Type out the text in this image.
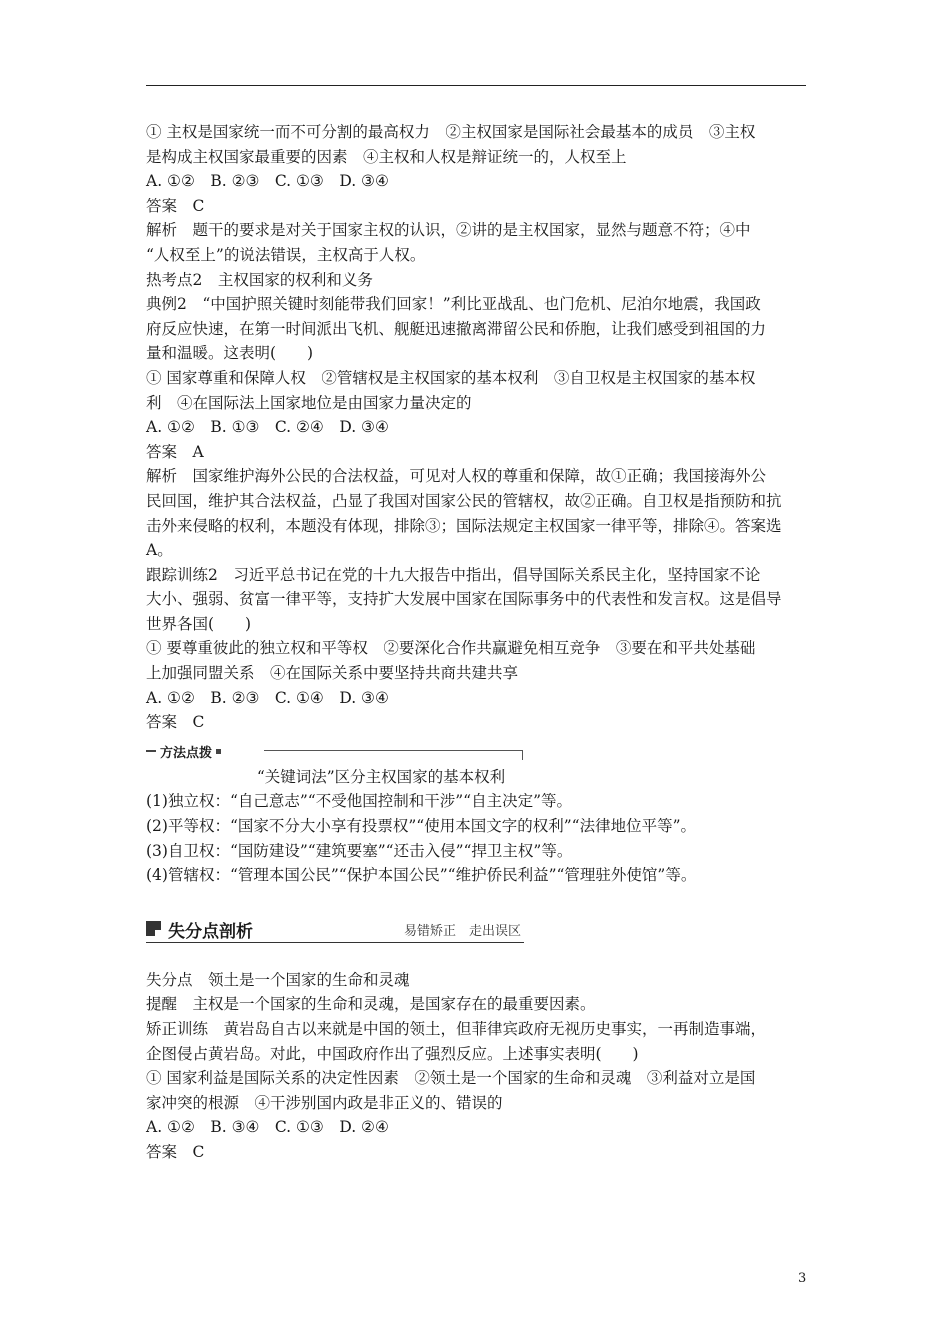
① 主权是国家统一而不可分割的最高权力　②主权国家是国际社会最基本的成员　③主权
是构成主权国家最重要的因素　④主权和人权是辩证统一的，人权至上
A. ①②　B. ②③　C. ①③　D. ③④
答案　C
解析　题干的要求是对关于国家主权的认识，②讲的是主权国家，显然与题意不符；④中
“人权至上”的说法错误，主权高于人权。
热考点2　主权国家的权利和义务
典例2　“中国护照关键时刻能带我们回家！”利比亚战乱、也门危机、尼泊尔地震，我国政
府反应快速，在第一时间派出飞机、舰艇迅速撤离滞留公民和侨胞，让我们感受到祖国的力
量和温暖。这表明(　　)
① 国家尊重和保障人权　②管辖权是主权国家的基本权利　③自卫权是主权国家的基本权
利　④在国际法上国家地位是由国家力量决定的
A. ①②　B. ①③　C. ②④　D. ③④
答案　A
解析　国家维护海外公民的合法权益，可见对人权的尊重和保障，故①正确；我国接海外公
民回国，维护其合法权益，凸显了我国对国家公民的管辖权，故②正确。自卫权是指预防和抗
击外来侵略的权利，本题没有体现，排除③；国际法规定主权国家一律平等，排除④。答案选
A。
跟踪训练2　习近平总书记在党的十九大报告中指出，倡导国际关系民主化，坚持国家不论
大小、强弱、贫富一律平等，支持扩大发展中国家在国际事务中的代表性和发言权。这是倡导
世界各国(　　)
① 要尊重彼此的独立权和平等权　②要深化合作共赢避免相互竞争　③要在和平共处基础
上加强同盟关系　④在国际关系中要坚持共商共建共享
A. ①②　B. ②③　C. ①④　D. ③④
答案　C
方法点拨
“关键词法”区分主权国家的基本权利
(1)独立权：“自己意志”“不受他国控制和干涉”“自主决定”等。
(2)平等权：“国家不分大小享有投票权”“使用本国文字的权利”“法律地位平等”。
(3)自卫权：“国防建设”“建筑要塞”“还击入侵”“捍卫主权”等。
(4)管辖权：“管理本国公民”“保护本国公民”“维护侨民利益”“管理驻外使馆”等。
失分点剖析	易错矫正　走出误区
失分点　领土是一个国家的生命和灵魂
提醒　主权是一个国家的生命和灵魂，是国家存在的最重要因素。
矫正训练　黄岩岛自古以来就是中国的领土，但菲律宾政府无视历史事实，一再制造事端，
企图侵占黄岩岛。对此，中国政府作出了强烈反应。上述事实表明(　　)
① 国家利益是国际关系的决定性因素　②领土是一个国家的生命和灵魂　③利益对立是国
家冲突的根源　④干涉别国内政是非正义的、错误的
A. ①②　B. ③④　C. ①③　D. ②④
答案　C
3
